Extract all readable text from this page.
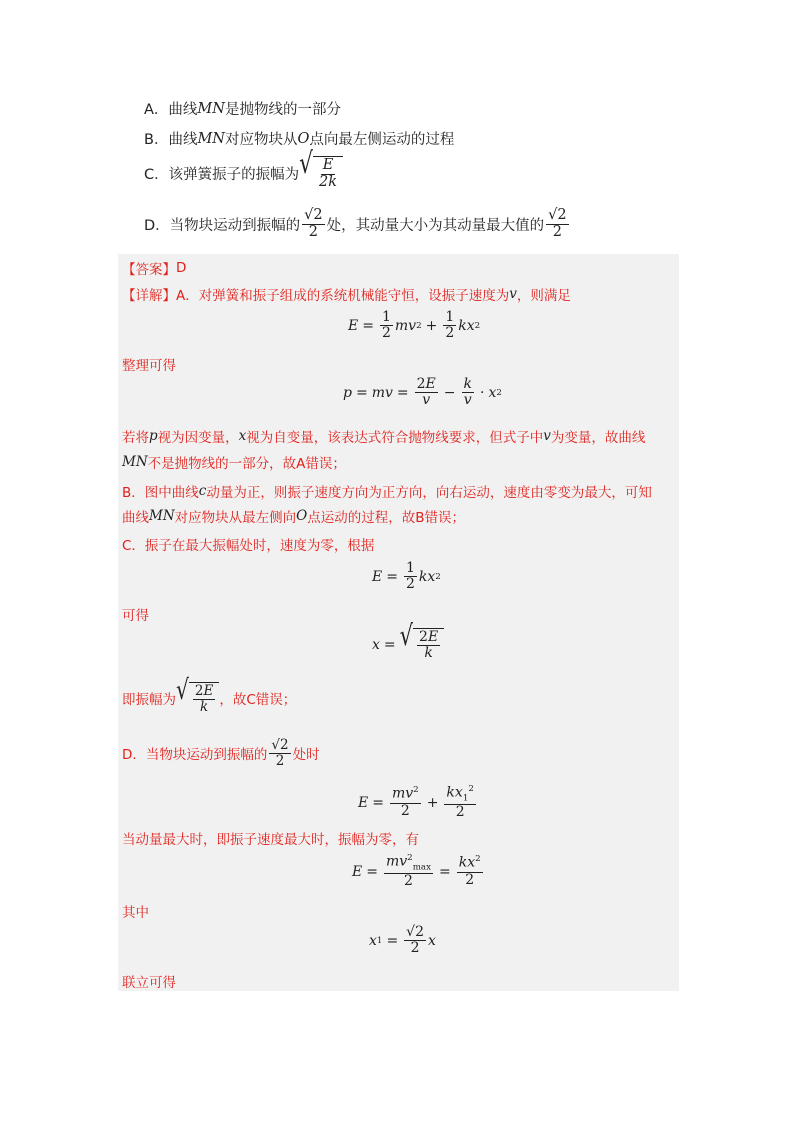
A． 曲线 MN 是抛物线的一部分
B． 曲线 MN 对应物块从 O 点向最左侧运动的过程
C． 该弹簧振子的振幅为 √ $\frac{E}{2k}$
D． 当物块运动到振幅的 $\frac{√2}{2}$ 处，其动量大小为其动量最大值的 $\frac{√2}{2}$
【答案】 D
【详解】 A．对弹簧和振子组成的系统机械能守恒，设振子速度为 v ，则满足
$E = \frac{1}{2}$ mv $2 + \frac{1}{2}$ kx 2
整理可得
p = mv = $\frac{2E}{v} - \frac{k}{v} \cdot x$ 2
若将 p 视为因变量， x 视为自变量，该表达式符合抛物线要求，但式子中 v 为变量，故曲线
MN 不是抛物线的一部分，故A错误；
B．图中曲线 c 动量为正，则振子速度方向为正方向，向右运动，速度由零变为最大，可知
曲线 MN 对应物块从最左侧向 O 点运动的过程，故B错误；
C．振子在最大振幅处时，速度为零，根据
$E = \frac{1}{2}$ kx 2
可得
x = √ $\frac{2E}{k}$
即振幅为 √ $\frac{2E}{k}$ ，故C错误；
D．当物块运动到振幅的 $\frac{√2}{2}$ 处时
$E = \frac{mv^2}{2} + \frac{kx_1^2}{2}$
当动量最大时，即振子速度最大时，振幅为零，有
$E = \frac{mv^2_{max}}{2} = \frac{kx^2}{2}$
其中
x $1 = \frac{√2}{2}$ x
联立可得
